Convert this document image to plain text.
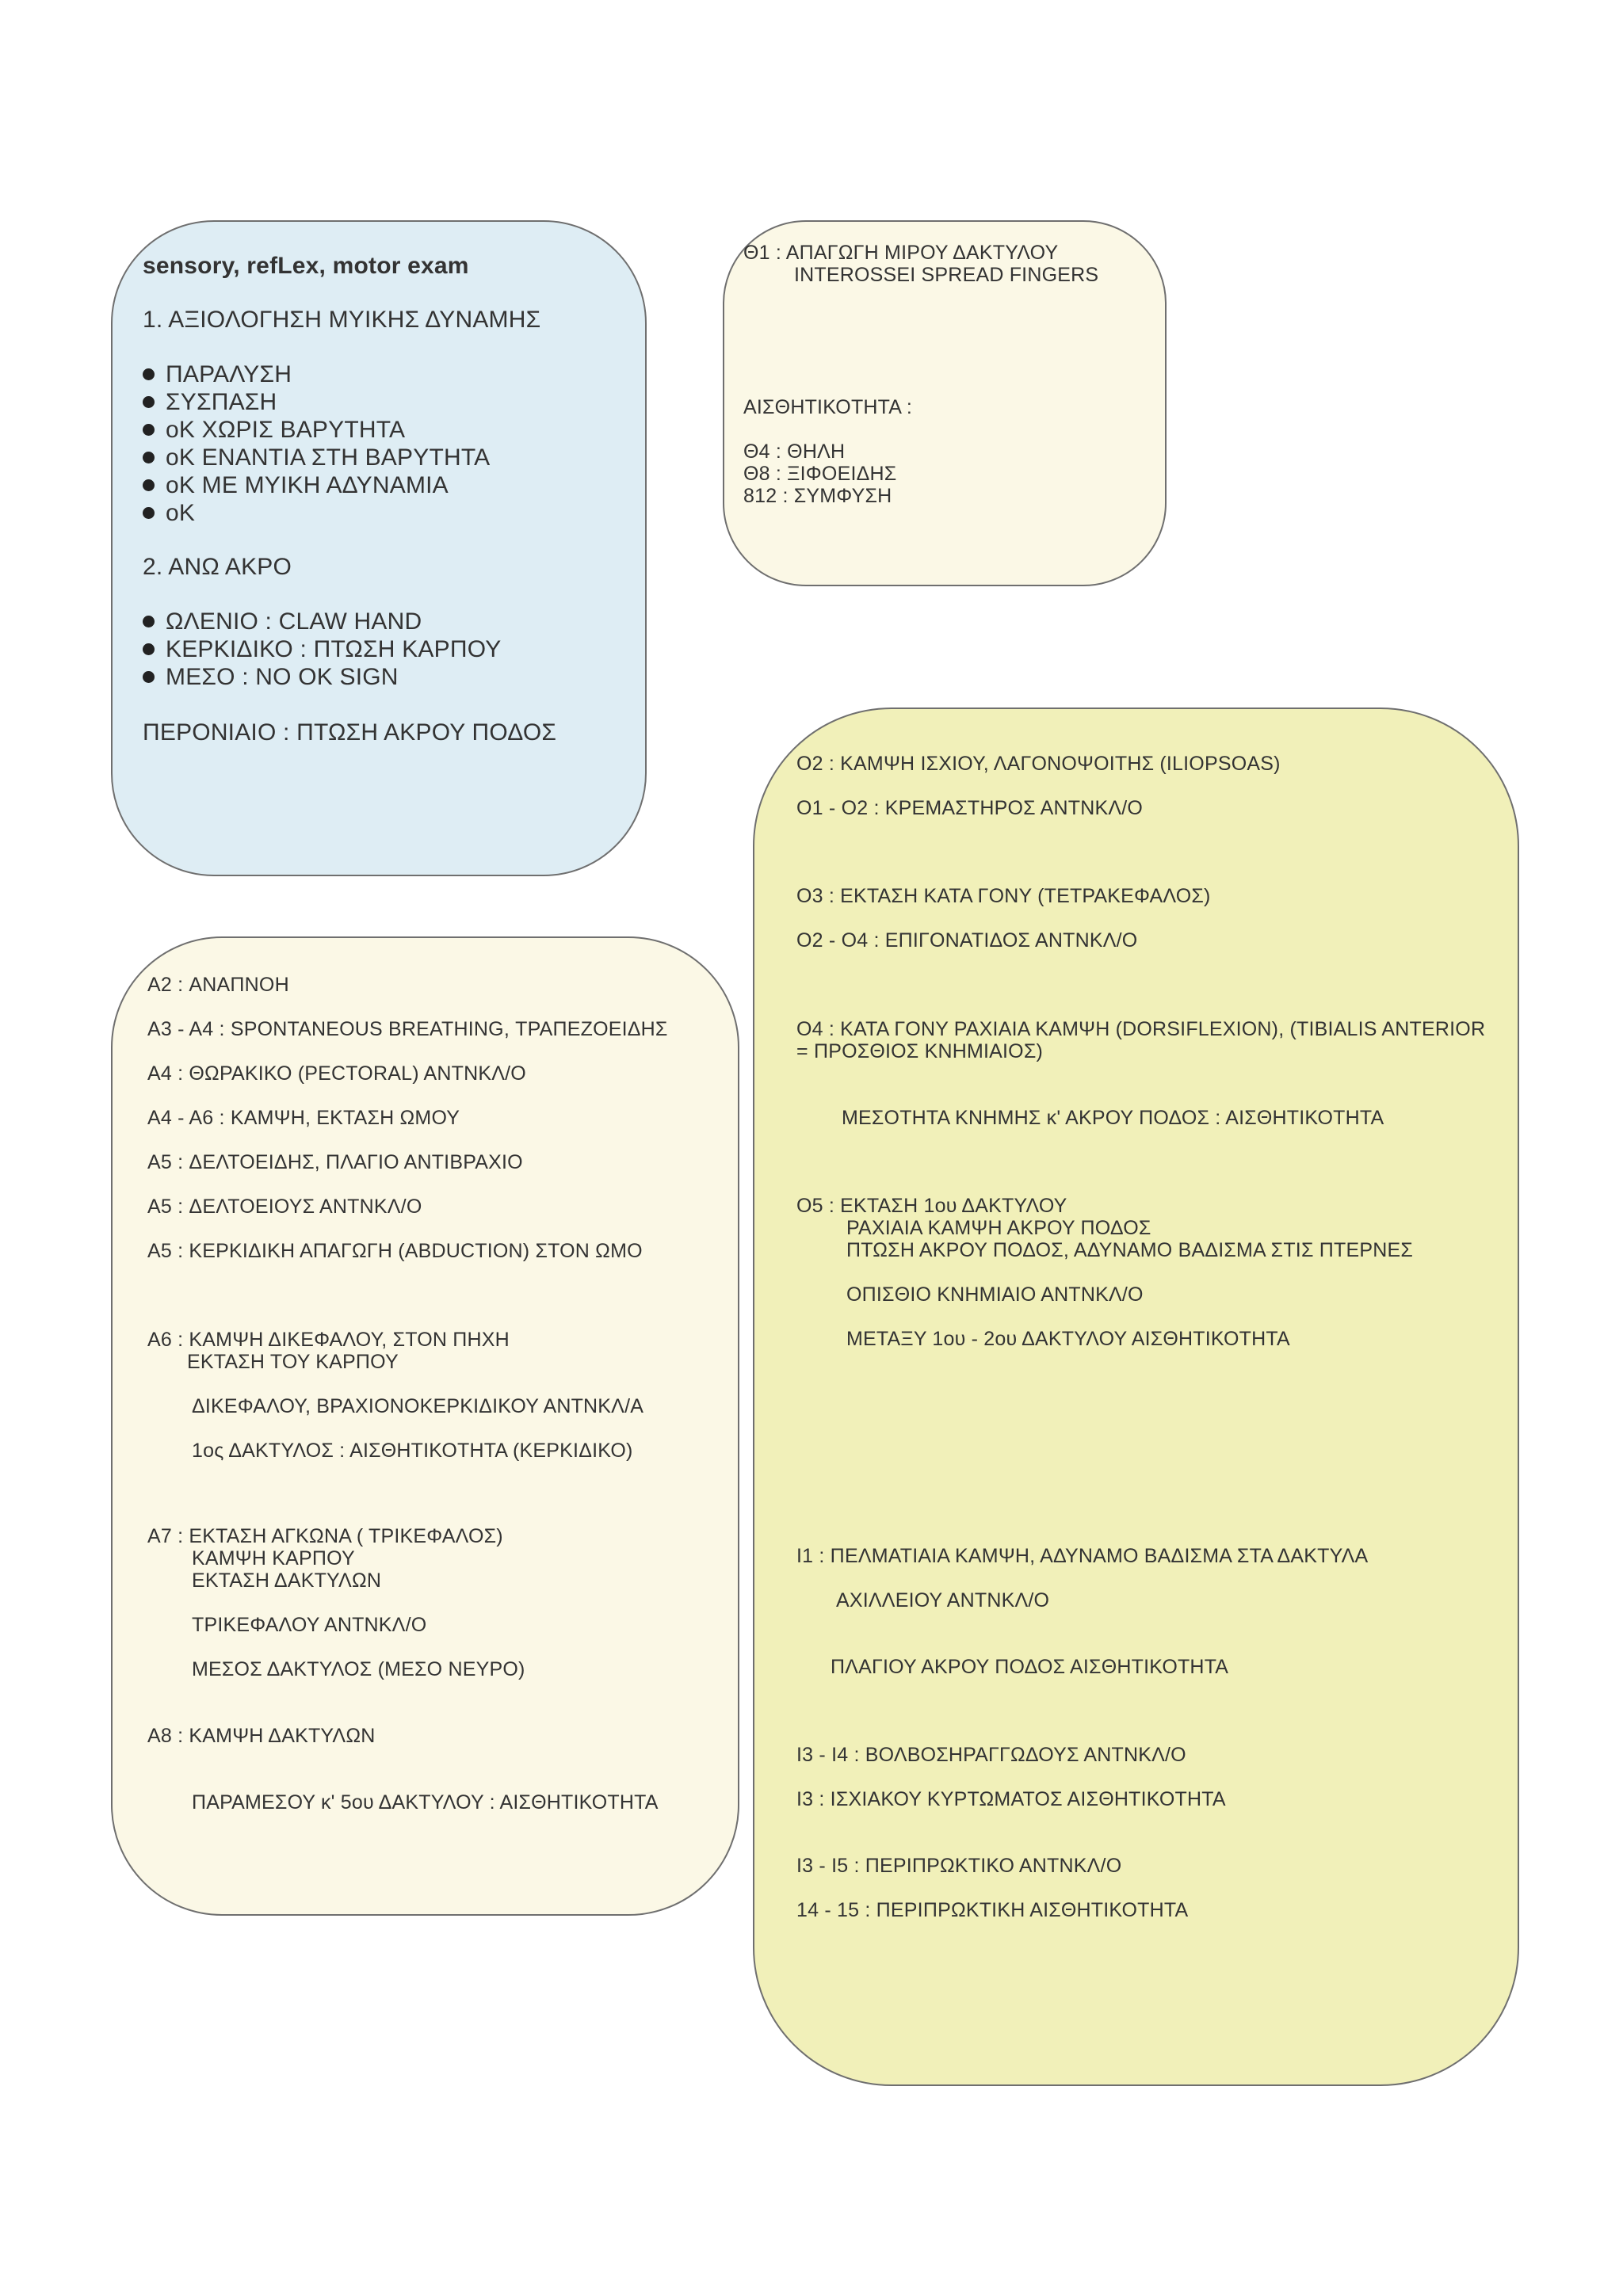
sensory, refLex, motor exam
1. ΑΞΙΟΛΟΓΗΣΗ ΜΥΙΚΗΣ ΔΥΝΑΜΗΣ
ΠΑΡΑΛΥΣΗ
ΣΥΣΠΑΣΗ
oK ΧΩΡΙΣ ΒΑΡΥΤΗΤΑ
oK ΕΝΑΝΤΙΑ ΣΤΗ ΒΑΡΥΤΗΤΑ
oK ΜΕ ΜΥΙΚΗ ΑΔΥΝΑΜΙΑ
oK
2. ΑΝΩ ΑΚΡΟ
ΩΛΕΝΙΟ : CLAW HAND
ΚΕΡΚΙΔΙΚΟ : ΠΤΩΣΗ ΚΑΡΠΟΥ
ΜΕΣΟ : NO OK SIGN
ΠΕΡΟΝΙΑΙΟ : ΠΤΩΣΗ ΑΚΡΟΥ ΠΟΔΟΣ
Θ1 : ΑΠΑΓΩΓΗ ΜΙΡΟΥ ΔΑΚΤΥΛΟΥ
INTEROSSEI SPREAD FINGERS
ΑΙΣΘΗΤΙΚΟΤΗΤΑ :
Θ4 : ΘΗΛΗ
Θ8 : ΞΙΦΟΕΙΔΗΣ
812 : ΣΥΜΦΥΣΗ
A2 : ΑΝΑΠΝΟΗ
A3 - A4 : SPONTANEOUS BREATHING, ΤΡΑΠΕΖΟΕΙΔΗΣ
A4 : ΘΩΡΑΚΙΚΟ (PECTORAL) ΑΝΤΝΚΛ/Ο
A4 - A6 : ΚΑΜΨΗ, ΕΚΤΑΣΗ ΩΜΟΥ
A5 : ΔΕΛΤΟΕΙΔΗΣ, ΠΛΑΓΙΟ ΑΝΤΙΒΡΑΧΙΟ
A5 : ΔΕΛΤΟΕΙΟΥΣ ΑΝΤΝΚΛ/Ο
A5 : ΚΕΡΚΙΔΙΚΗ ΑΠΑΓΩΓΗ (ABDUCTION) ΣΤΟΝ ΩΜΟ
A6 : ΚΑΜΨΗ ΔΙΚΕΦΑΛΟΥ, ΣΤΟΝ ΠΗΧΗ
ΕΚΤΑΣΗ ΤΟΥ ΚΑΡΠΟΥ
ΔΙΚΕΦΑΛΟΥ, ΒΡΑΧΙΟΝΟΚΕΡΚΙΔΙΚΟΥ ΑΝΤΝΚΛ/Α
1ος ΔΑΚΤΥΛΟΣ : ΑΙΣΘΗΤΙΚΟΤΗΤΑ (ΚΕΡΚΙΔΙΚΟ)
A7 : ΕΚΤΑΣΗ ΑΓΚΩΝΑ ( ΤΡΙΚΕΦΑΛΟΣ)
ΚΑΜΨΗ ΚΑΡΠΟΥ
ΕΚΤΑΣΗ ΔΑΚΤΥΛΩΝ
ΤΡΙΚΕΦΑΛΟΥ ΑΝΤΝΚΛ/Ο
ΜΕΣΟΣ ΔΑΚΤΥΛΟΣ (ΜΕΣΟ ΝΕΥΡΟ)
A8 : ΚΑΜΨΗ ΔΑΚΤΥΛΩΝ
ΠΑΡΑΜΕΣΟΥ κ' 5ου ΔΑΚΤΥΛΟΥ : ΑΙΣΘΗΤΙΚΟΤΗΤΑ
O2 : ΚΑΜΨΗ ΙΣΧΙΟΥ, ΛΑΓΟΝΟΨΟΙΤΗΣ (ILIOPSOAS)
O1 - O2 : ΚΡΕΜΑΣΤΗΡΟΣ ΑΝΤΝΚΛ/Ο
O3 : ΕΚΤΑΣΗ ΚΑΤΑ ΓΟΝΥ (ΤΕΤΡΑΚΕΦΑΛΟΣ)
O2 - O4 : ΕΠΙΓΟΝΑΤΙΔΟΣ ΑΝΤΝΚΛ/Ο
O4 : ΚΑΤΑ ΓΟΝΥ ΡΑΧΙΑΙΑ ΚΑΜΨΗ (DORSIFLEXION), (TIBIALIS ANTERIOR
= ΠΡΟΣΘΙΟΣ ΚΝΗΜΙΑΙΟΣ)
ΜΕΣΟΤΗΤΑ ΚΝΗΜΗΣ κ' ΑΚΡΟΥ ΠΟΔΟΣ : ΑΙΣΘΗΤΙΚΟΤΗΤΑ
O5 : ΕΚΤΑΣΗ 1ου ΔΑΚΤΥΛΟΥ
ΡΑΧΙΑΙΑ ΚΑΜΨΗ ΑΚΡΟΥ ΠΟΔΟΣ
ΠΤΩΣΗ ΑΚΡΟΥ ΠΟΔΟΣ, ΑΔΥΝΑΜΟ ΒΑΔΙΣΜΑ ΣΤΙΣ ΠΤΕΡΝΕΣ
ΟΠΙΣΘΙΟ ΚΝΗΜΙΑΙΟ ΑΝΤΝΚΛ/Ο
ΜΕΤΑΞΥ 1ου - 2ου ΔΑΚΤΥΛΟΥ ΑΙΣΘΗΤΙΚΟΤΗΤΑ
I1 : ΠΕΛΜΑΤΙΑΙΑ ΚΑΜΨΗ, ΑΔΥΝΑΜΟ ΒΑΔΙΣΜΑ ΣΤΑ ΔΑΚΤΥΛΑ
ΑΧΙΛΛΕΙΟΥ ΑΝΤΝΚΛ/Ο
ΠΛΑΓΙΟΥ ΑΚΡΟΥ ΠΟΔΟΣ ΑΙΣΘΗΤΙΚΟΤΗΤΑ
I3 - I4 : ΒΟΛΒΟΣΗΡΑΓΓΩΔΟΥΣ ΑΝΤΝΚΛ/Ο
I3 : ΙΣΧΙΑΚΟΥ ΚΥΡΤΩΜΑΤΟΣ ΑΙΣΘΗΤΙΚΟΤΗΤΑ
I3 - I5 : ΠΕΡΙΠΡΩΚΤΙΚΟ ΑΝΤΝΚΛ/Ο
14 - 15 : ΠΕΡΙΠΡΩΚΤΙΚΗ ΑΙΣΘΗΤΙΚΟΤΗΤΑ
